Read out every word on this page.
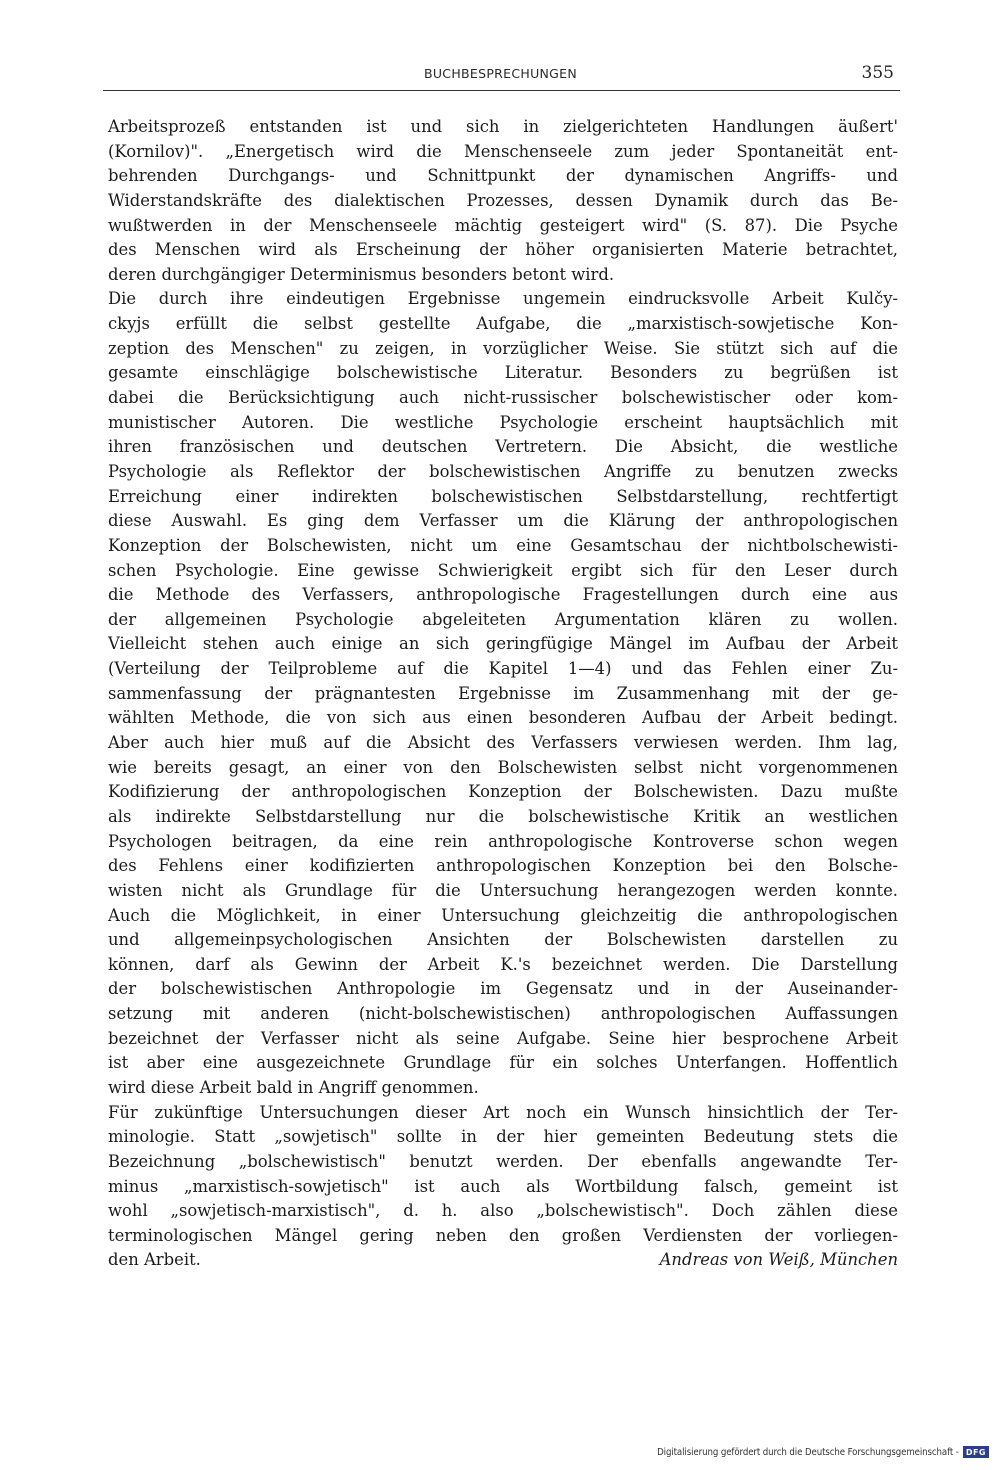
BUCHBESPRECHUNGEN	355
Arbeitsprozeß entstanden ist und sich in zielgerichteten Handlungen äußert'
(Kornilov)". „Energetisch wird die Menschenseele zum jeder Spontaneität ent-
behrenden Durchgangs- und Schnittpunkt der dynamischen Angriffs- und
Widerstandskräfte des dialektischen Prozesses, dessen Dynamik durch das Be-
wußtwerden in der Menschenseele mächtig gesteigert wird" (S. 87). Die Psyche
des Menschen wird als Erscheinung der höher organisierten Materie betrachtet,
deren durchgängiger Determinismus besonders betont wird.
Die durch ihre eindeutigen Ergebnisse ungemein eindrucksvolle Arbeit Kulčy-
ckyjs erfüllt die selbst gestellte Aufgabe, die „marxistisch-sowjetische Kon-
zeption des Menschen" zu zeigen, in vorzüglicher Weise. Sie stützt sich auf die
gesamte einschlägige bolschewistische Literatur. Besonders zu begrüßen ist
dabei die Berücksichtigung auch nicht-russischer bolschewistischer oder kom-
munistischer Autoren. Die westliche Psychologie erscheint hauptsächlich mit
ihren französischen und deutschen Vertretern. Die Absicht, die westliche
Psychologie als Reflektor der bolschewistischen Angriffe zu benutzen zwecks
Erreichung einer indirekten bolschewistischen Selbstdarstellung, rechtfertigt
diese Auswahl. Es ging dem Verfasser um die Klärung der anthropologischen
Konzeption der Bolschewisten, nicht um eine Gesamtschau der nichtbolschewisti-
schen Psychologie. Eine gewisse Schwierigkeit ergibt sich für den Leser durch
die Methode des Verfassers, anthropologische Fragestellungen durch eine aus
der allgemeinen Psychologie abgeleiteten Argumentation klären zu wollen.
Vielleicht stehen auch einige an sich geringfügige Mängel im Aufbau der Arbeit
(Verteilung der Teilprobleme auf die Kapitel 1—4) und das Fehlen einer Zu-
sammenfassung der prägnantesten Ergebnisse im Zusammenhang mit der ge-
wählten Methode, die von sich aus einen besonderen Aufbau der Arbeit bedingt.
Aber auch hier muß auf die Absicht des Verfassers verwiesen werden. Ihm lag,
wie bereits gesagt, an einer von den Bolschewisten selbst nicht vorgenommenen
Kodifizierung der anthropologischen Konzeption der Bolschewisten. Dazu mußte
als indirekte Selbstdarstellung nur die bolschewistische Kritik an westlichen
Psychologen beitragen, da eine rein anthropologische Kontroverse schon wegen
des Fehlens einer kodifizierten anthropologischen Konzeption bei den Bolsche-
wisten nicht als Grundlage für die Untersuchung herangezogen werden konnte.
Auch die Möglichkeit, in einer Untersuchung gleichzeitig die anthropologischen
und allgemeinpsychologischen Ansichten der Bolschewisten darstellen zu
können, darf als Gewinn der Arbeit K.'s bezeichnet werden. Die Darstellung
der bolschewistischen Anthropologie im Gegensatz und in der Auseinander-
setzung mit anderen (nicht-bolschewistischen) anthropologischen Auffassungen
bezeichnet der Verfasser nicht als seine Aufgabe. Seine hier besprochene Arbeit
ist aber eine ausgezeichnete Grundlage für ein solches Unterfangen. Hoffentlich
wird diese Arbeit bald in Angriff genommen.
Für zukünftige Untersuchungen dieser Art noch ein Wunsch hinsichtlich der Ter-
minologie. Statt „sowjetisch" sollte in der hier gemeinten Bedeutung stets die
Bezeichnung „bolschewistisch" benutzt werden. Der ebenfalls angewandte Ter-
minus „marxistisch-sowjetisch" ist auch als Wortbildung falsch, gemeint ist
wohl „sowjetisch-marxistisch", d. h. also „bolschewistisch". Doch zählen diese
terminologischen Mängel gering neben den großen Verdiensten der vorliegen-
den Arbeit.	Andreas von Weiß, München
Digitalisierung gefördert durch die Deutsche Forschungsgemeinschaft - DFG
